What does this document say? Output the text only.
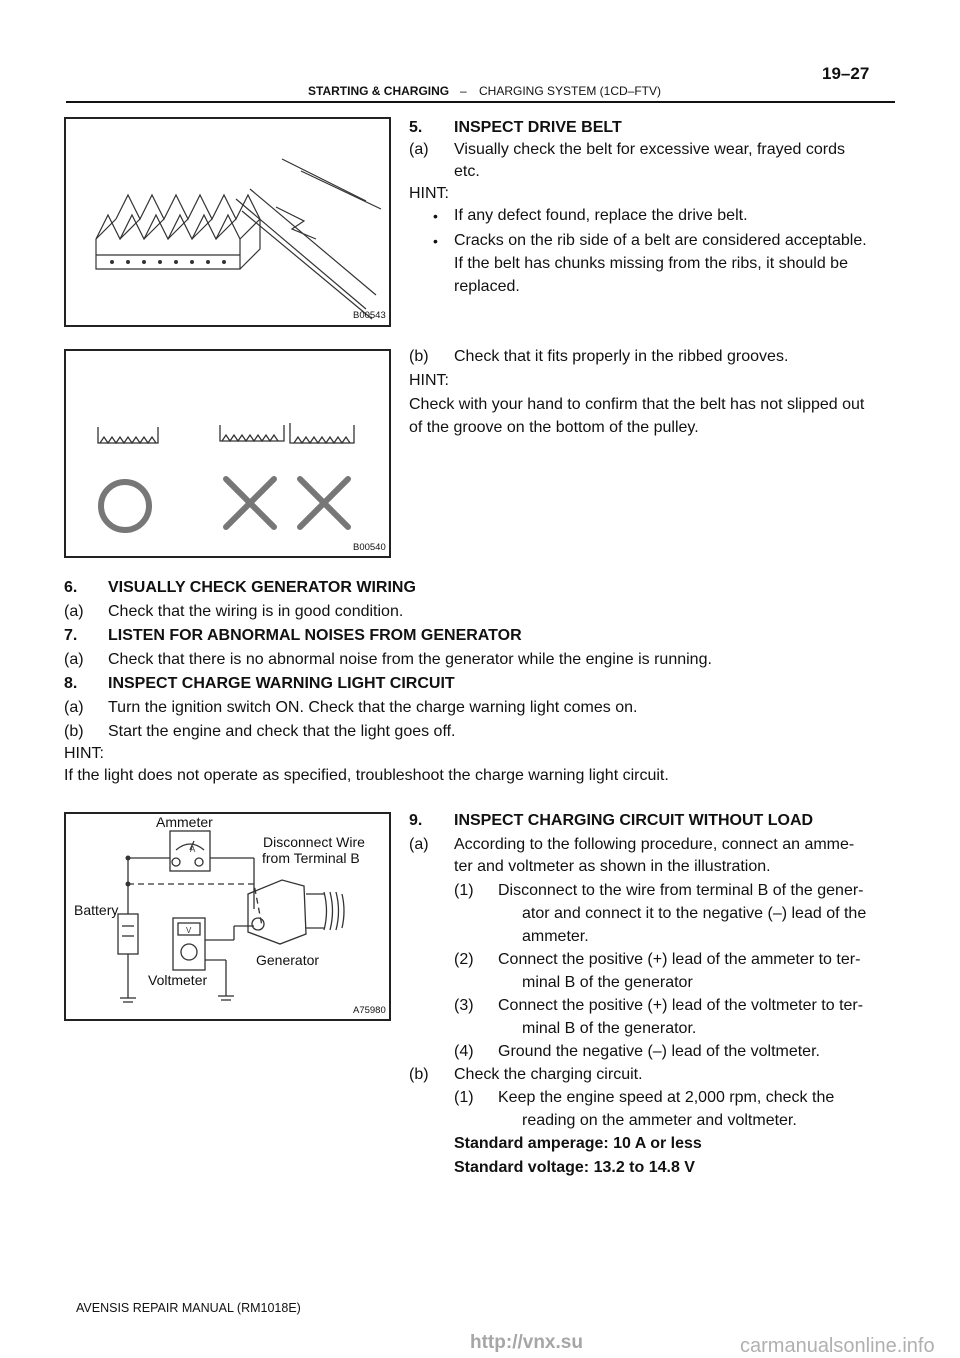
STARTING & CHARGING – CHARGING SYSTEM (1CD–FTV)
19–27
B00543
5. INSPECT DRIVE BELT
(a) Visually check the belt for excessive wear, frayed cords
etc.
HINT:
• If any defect found, replace the drive belt.
• Cracks on the rib side of a belt are considered acceptable.
If the belt has chunks missing from the ribs, it should be
replaced.
B00540
(b) Check that it fits properly in the ribbed grooves.
HINT:
Check with your hand to confirm that the belt has not slipped out
of the groove on the bottom of the pulley.
6. VISUALLY CHECK GENERATOR WIRING
(a) Check that the wiring is in good condition.
7. LISTEN FOR ABNORMAL NOISES FROM GENERATOR
(a) Check that there is no abnormal noise from the generator while the engine is running.
8. INSPECT CHARGE WARNING LIGHT CIRCUIT
(a) Turn the ignition switch ON. Check that the charge warning light comes on.
(b) Start the engine and check that the light goes off.
HINT:
If the light does not operate as specified, troubleshoot the charge warning light circuit.
A
V
Ammeter
Disconnect Wire
from Terminal B
Battery
Generator
Voltmeter
A75980
9. INSPECT CHARGING CIRCUIT WITHOUT LOAD
(a) According to the following procedure, connect an amme-
ter and voltmeter as shown in the illustration.
(1) Disconnect to the wire from terminal B of the gener-
ator and connect it to the negative (–) lead of the
ammeter.
(2) Connect the positive (+) lead of the ammeter to ter-
minal B of the generator
(3) Connect the positive (+) lead of the voltmeter to ter-
minal B of the generator.
(4) Ground the negative (–) lead of the voltmeter.
(b) Check the charging circuit.
(1) Keep the engine speed at 2,000 rpm, check the
reading on the ammeter and voltmeter.
Standard amperage: 10 A or less
Standard voltage: 13.2 to 14.8 V
AVENSIS REPAIR MANUAL (RM1018E)
http://vnx.su	carmanualsonline.info
